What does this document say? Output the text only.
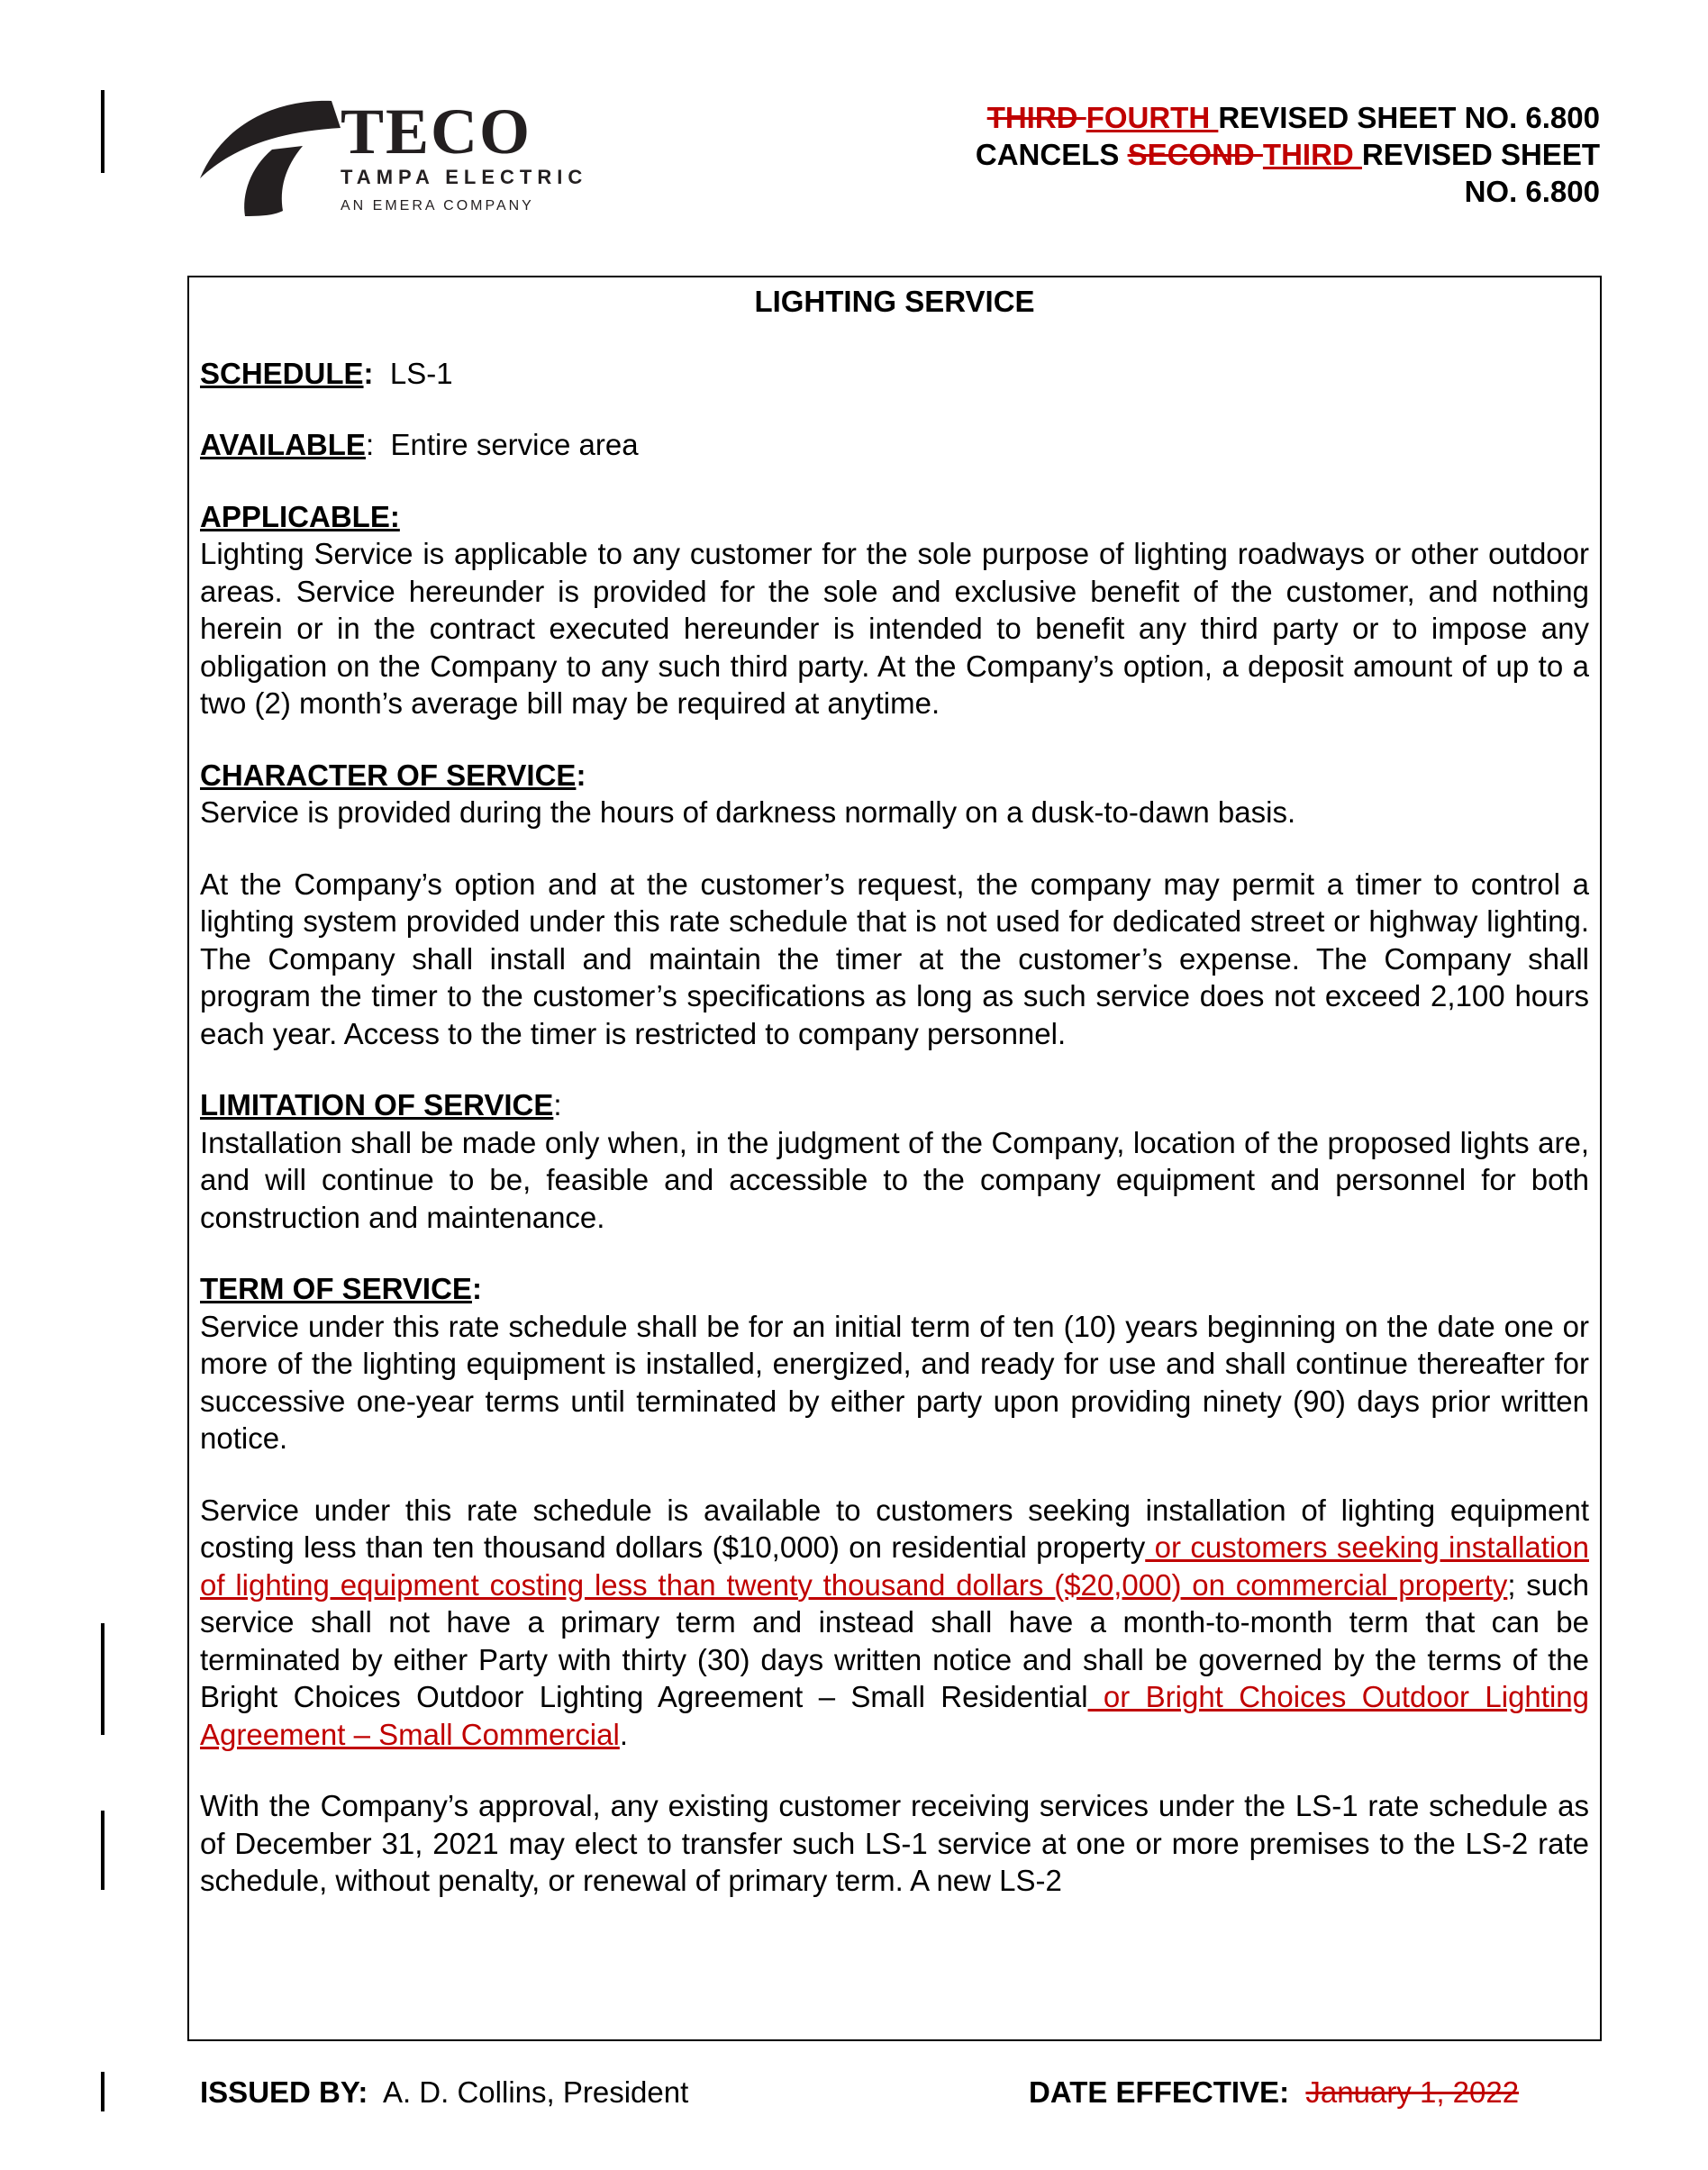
TECO
TAMPA ELECTRIC
AN EMERA COMPANY
THIRD FOURTH REVISED SHEET NO. 6.800
CANCELS SECOND THIRD REVISED SHEET
NO. 6.800
LIGHTING SERVICE
SCHEDULE: LS-1
AVAILABLE:  Entire service area
APPLICABLE:

Lighting Service is applicable to any customer for the sole purpose of lighting roadways or other outdoor areas. Service hereunder is provided for the sole and exclusive benefit of the customer, and nothing herein or in the contract executed hereunder is intended to benefit any third party or to impose any obligation on the Company to any such third party. At the Company’s option, a deposit amount of up to a two (2) month’s average bill may be required at anytime.

CHARACTER OF SERVICE:

Service is provided during the hours of darkness normally on a dusk-to-dawn basis.

At the Company’s option and at the customer’s request, the company may permit a timer to control a lighting system provided under this rate schedule that is not used for dedicated street or highway lighting. The Company shall install and maintain the timer at the customer’s expense. The Company shall program the timer to the customer’s specifications as long as such service does not exceed 2,100 hours each year. Access to the timer is restricted to company personnel.

LIMITATION OF SERVICE:

Installation shall be made only when, in the judgment of the Company, location of the proposed lights are, and will continue to be, feasible and accessible to the company equipment and personnel for both construction and maintenance.

TERM OF SERVICE:

Service under this rate schedule shall be for an initial term of ten (10) years beginning on the date one or more of the lighting equipment is installed, energized, and ready for use and shall continue thereafter for successive one-year terms until terminated by either party upon providing ninety (90) days prior written notice.

Service under this rate schedule is available to customers seeking installation of lighting equipment costing less than ten thousand dollars ($10,000) on residential property or customers seeking installation of lighting equipment costing less than twenty thousand dollars ($20,000) on commercial property; such service shall not have a primary term and instead shall have a month-to-month term that can be terminated by either Party with thirty (30) days written notice and shall be governed by the terms of the Bright Choices Outdoor Lighting Agreement – Small Residential or Bright Choices Outdoor Lighting Agreement – Small Commercial.

With the Company’s approval, any existing customer receiving services under the LS-1 rate schedule as of December 31, 2021 may elect to transfer such LS-1 service at one or more premises to the LS-2 rate schedule, without penalty, or renewal of primary term. A new LS-2

ISSUED BY: A. D. Collins, President	DATE EFFECTIVE: January 1, 2022
